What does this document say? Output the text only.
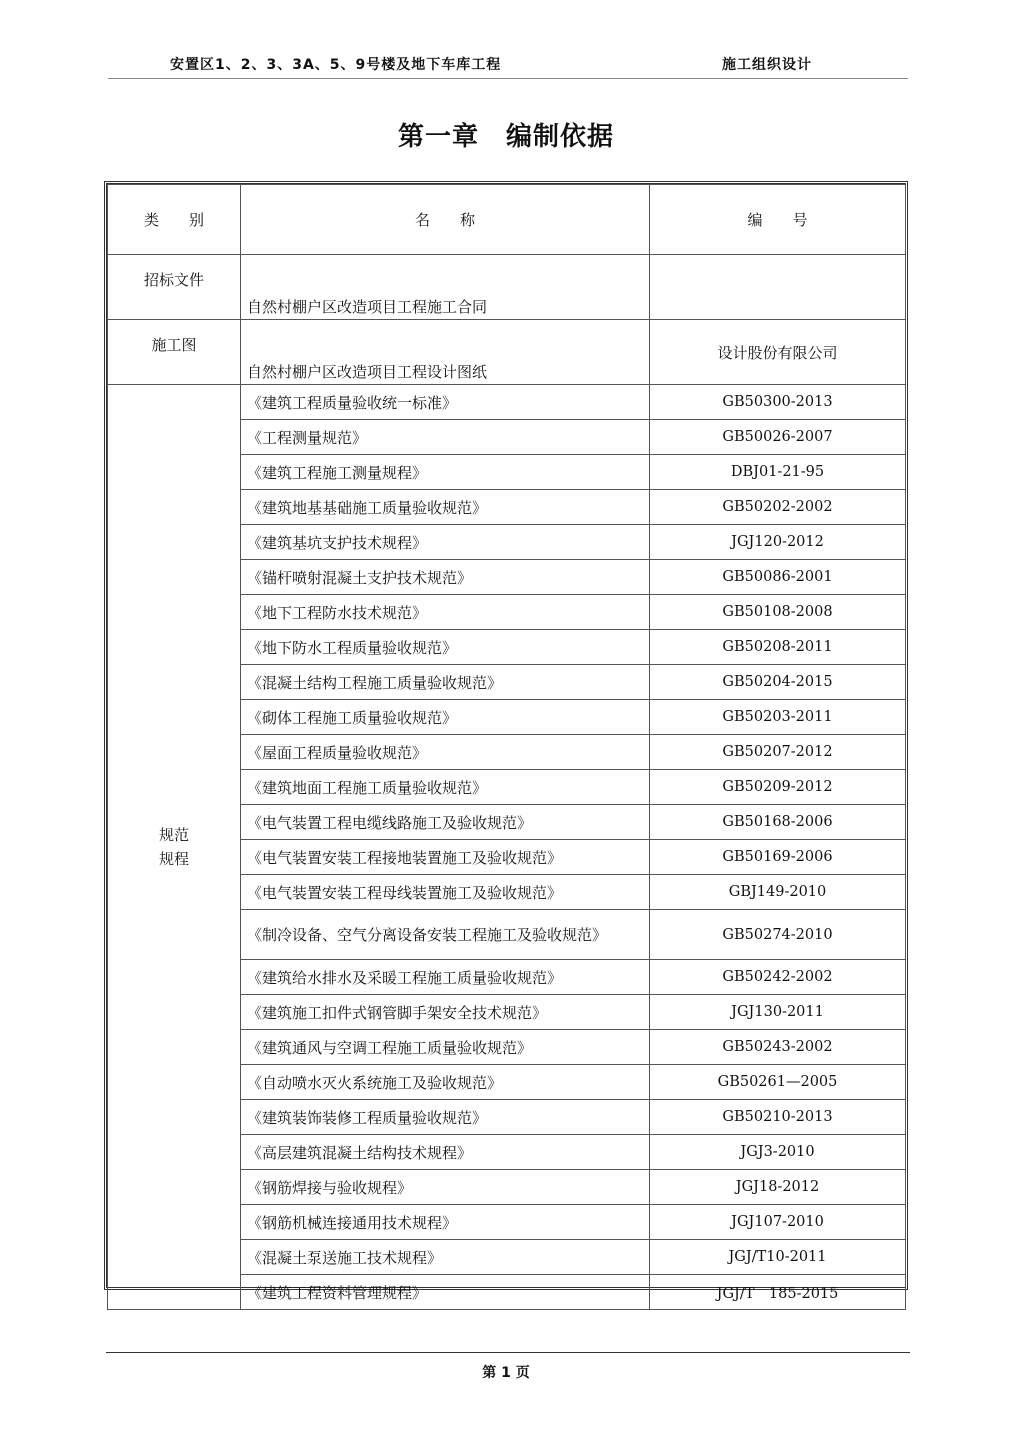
安置区1、2、3、3A、5、9号楼及地下车库工程	施工组织设计
第一章　编制依据
类　　别	名　　称	编　　号
招标文件	自然村棚户区改造项目工程施工合同	
施工图	自然村棚户区改造项目工程设计图纸	设计股份有限公司
规范
规程	《建筑工程质量验收统一标准》	GB50300-2013
	《工程测量规范》	GB50026-2007
	《建筑工程施工测量规程》	DBJ01-21-95
	《建筑地基基础施工质量验收规范》	GB50202-2002
	《建筑基坑支护技术规程》	JGJ120-2012
	《锚杆喷射混凝土支护技术规范》	GB50086-2001
	《地下工程防水技术规范》	GB50108-2008
	《地下防水工程质量验收规范》	GB50208-2011
	《混凝土结构工程施工质量验收规范》	GB50204-2015
	《砌体工程施工质量验收规范》	GB50203-2011
	《屋面工程质量验收规范》	GB50207-2012
	《建筑地面工程施工质量验收规范》	GB50209-2012
	《电气装置工程电缆线路施工及验收规范》	GB50168-2006
	《电气装置安装工程接地装置施工及验收规范》	GB50169-2006
	《电气装置安装工程母线装置施工及验收规范》	GBJ149-2010
	《制冷设备、空气分离设备安装工程施工及验收规范》	GB50274-2010
	《建筑给水排水及采暖工程施工质量验收规范》	GB50242-2002
	《建筑施工扣件式钢管脚手架安全技术规范》	JGJ130-2011
	《建筑通风与空调工程施工质量验收规范》	GB50243-2002
	《自动喷水灭火系统施工及验收规范》	GB50261—2005
	《建筑装饰装修工程质量验收规范》	GB50210-2013
	《高层建筑混凝土结构技术规程》	JGJ3-2010
	《钢筋焊接与验收规程》	JGJ18-2012
	《钢筋机械连接通用技术规程》	JGJ107-2010
	《混凝土泵送施工技术规程》	JGJ/T10-2011
	《建筑工程资料管理规程》	JGJ/T　185-2015
第 1 页
